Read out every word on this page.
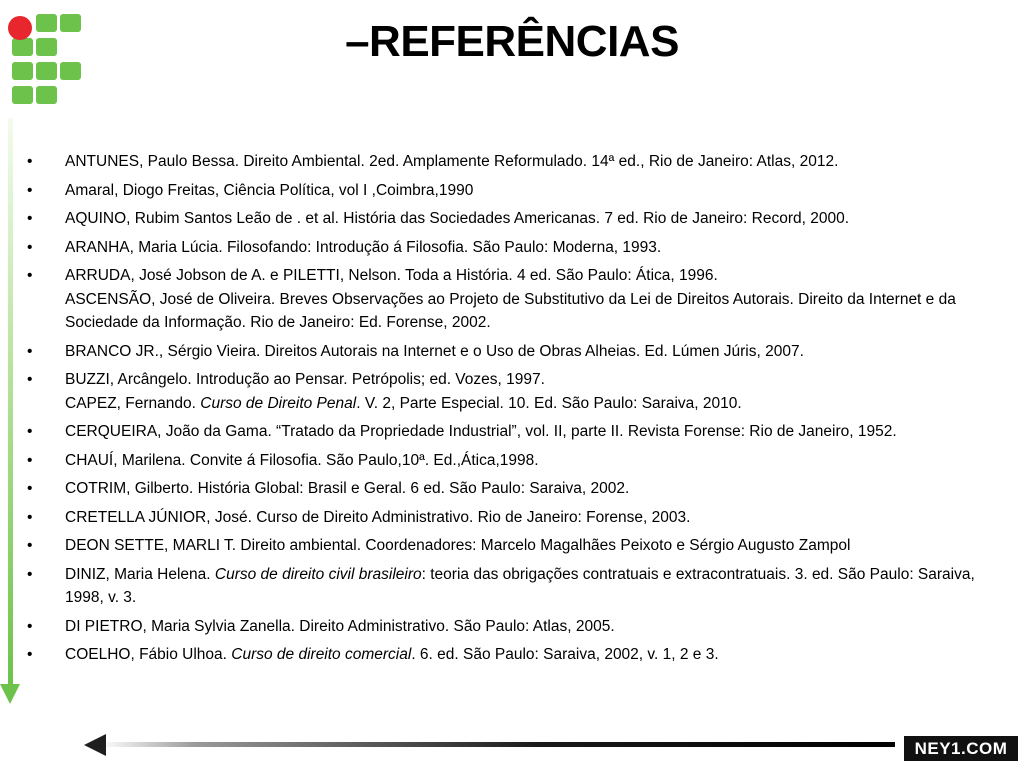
–REFERÊNCIAS
• ANTUNES, Paulo Bessa. Direito Ambiental. 2ed. Amplamente Reformulado. 14ª ed., Rio de Janeiro: Atlas, 2012.
• Amaral, Diogo Freitas, Ciência Política, vol I ,Coimbra,1990
• AQUINO, Rubim Santos Leão de . et al. História das Sociedades Americanas. 7 ed. Rio de Janeiro: Record, 2000.
• ARANHA, Maria Lúcia. Filosofando: Introdução á Filosofia. São Paulo: Moderna, 1993.
• ARRUDA, José Jobson de A. e PILETTI, Nelson. Toda a História. 4 ed. São Paulo: Ática, 1996.
ASCENSÃO, José de Oliveira. Breves Observações ao Projeto de Substitutivo da Lei de Direitos Autorais. Direito da Internet e da Sociedade da Informação. Rio de Janeiro: Ed. Forense, 2002.
• BRANCO JR., Sérgio Vieira. Direitos Autorais na Internet e o Uso de Obras Alheias. Ed. Lúmen Júris, 2007.
• BUZZI, Arcângelo. Introdução ao Pensar. Petrópolis; ed. Vozes, 1997.
CAPEZ, Fernando. Curso de Direito Penal. V. 2, Parte Especial. 10. Ed. São Paulo: Saraiva, 2010.
• CERQUEIRA, João da Gama. “Tratado da Propriedade Industrial”, vol. II, parte II. Revista Forense: Rio de Janeiro, 1952.
• CHAUÍ, Marilena. Convite á Filosofia. São Paulo,10ª. Ed.,Ática,1998.
• COTRIM, Gilberto. História Global: Brasil e Geral. 6 ed. São Paulo: Saraiva, 2002.
• CRETELLA JÚNIOR, José. Curso de Direito Administrativo. Rio de Janeiro: Forense, 2003.
• DEON SETTE, MARLI T. Direito ambiental. Coordenadores: Marcelo Magalhães Peixoto e Sérgio Augusto Zampol
• DINIZ, Maria Helena. Curso de direito civil brasileiro: teoria das obrigações contratuais e extracontratuais. 3. ed. São Paulo: Saraiva, 1998, v. 3.
• DI PIETRO, Maria Sylvia Zanella. Direito Administrativo. São Paulo: Atlas, 2005.
• COELHO, Fábio Ulhoa. Curso de direito comercial. 6. ed. São Paulo: Saraiva, 2002, v. 1, 2 e 3.
NEY1.COM
